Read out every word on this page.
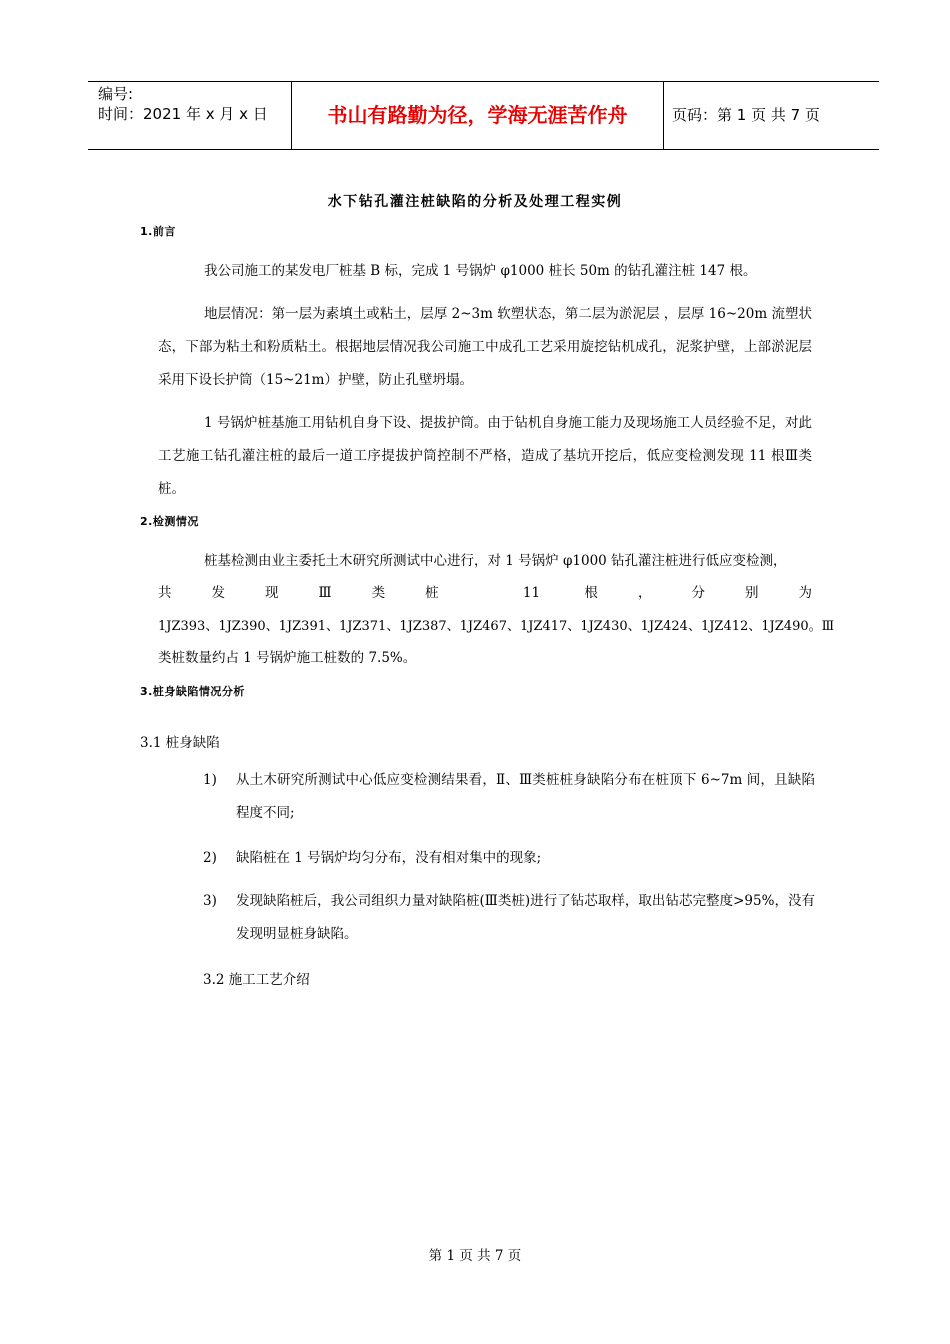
编号:
时间：2021 年 x 月 x 日	书山有路勤为径，学海无涯苦作舟	页码：第 1 页 共 7 页
水下钻孔灌注桩缺陷的分析及处理工程实例
1.前言
我公司施工的某发电厂桩基 B 标，完成 1 号锅炉 φ1000 桩长 50m 的钻孔灌注桩 147 根。
地层情况：第一层为素填土或粘土，层厚 2~3m 软塑状态，第二层为淤泥层 ，层厚 16~20m 流塑状态，下部为粘土和粉质粘土。根据地层情况我公司施工中成孔工艺采用旋挖钻机成孔，泥浆护壁，上部淤泥层采用下设长护筒（15~21m）护壁，防止孔壁坍塌。
1 号锅炉桩基施工用钻机自身下设、提拔护筒。由于钻机自身施工能力及现场施工人员经验不足，对此工艺施工钻孔灌注桩的最后一道工序提拔护筒控制不严格，造成了基坑开挖后，低应变检测发现 11 根Ⅲ类桩。
2.检测情况
桩基检测由业主委托土木研究所测试中心进行，对 1 号锅炉 φ1000 钻孔灌注桩进行低应变检测，
共发现Ⅲ类桩 11 根，分别为
1JZ393、1JZ390、1JZ391、1JZ371、1JZ387、1JZ467、1JZ417、1JZ430、1JZ424、1JZ412、1JZ490。Ⅲ
类桩数量约占 1 号锅炉施工桩数的 7.5%。
3.桩身缺陷情况分析
3.1 桩身缺陷
1) 从土木研究所测试中心低应变检测结果看，Ⅱ、Ⅲ类桩桩身缺陷分布在桩顶下 6~7m 间，且缺陷程度不同;
2) 缺陷桩在 1 号锅炉均匀分布，没有相对集中的现象;
3) 发现缺陷桩后，我公司组织力量对缺陷桩(Ⅲ类桩)进行了钻芯取样，取出钻芯完整度>95%，没有发现明显桩身缺陷。
3.2 施工工艺介绍
第 1 页 共 7 页
